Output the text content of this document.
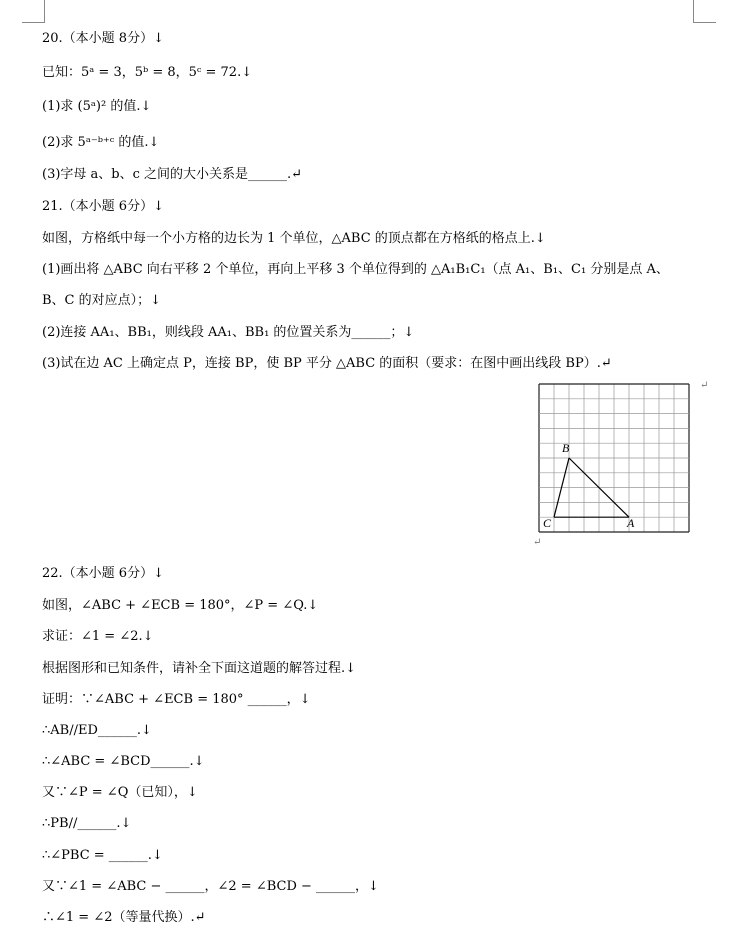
20.（本小题 8分）↓
已知：5ᵃ = 3，5ᵇ = 8，5ᶜ = 72.↓
(1)求 (5ᵃ)² 的值.↓
(2)求 5ᵃ⁻ᵇ⁺ᶜ 的值.↓
(3)字母 a、b、c 之间的大小关系是______.↵
21.（本小题 6分）↓
如图，方格纸中每一个小方格的边长为 1 个单位，△ABC 的顶点都在方格纸的格点上.↓
(1)画出将 △ABC 向右平移 2 个单位，再向上平移 3 个单位得到的 △A₁B₁C₁（点 A₁、B₁、C₁ 分别是点 A、
B、C 的对应点）；↓
(2)连接 AA₁、BB₁，则线段 AA₁、BB₁ 的位置关系为______；↓
(3)试在边 AC 上确定点 P，连接 BP，使 BP 平分 △ABC 的面积（要求：在图中画出线段 BP）.↵
A
B
C
↵
↵
22.（本小题 6分）↓
如图，∠ABC + ∠ECB = 180°，∠P = ∠Q.↓
求证：∠1 = ∠2.↓
根据图形和已知条件，请补全下面这道题的解答过程.↓
证明：∵∠ABC + ∠ECB = 180° ______，↓
∴AB//ED______.↓
∴∠ABC = ∠BCD______.↓
又∵∠P = ∠Q（已知），↓
∴PB//______.↓
∴∠PBC = ______.↓
又∵∠1 = ∠ABC − ______，∠2 = ∠BCD − ______，↓
∴∠1 = ∠2（等量代换）.↵
